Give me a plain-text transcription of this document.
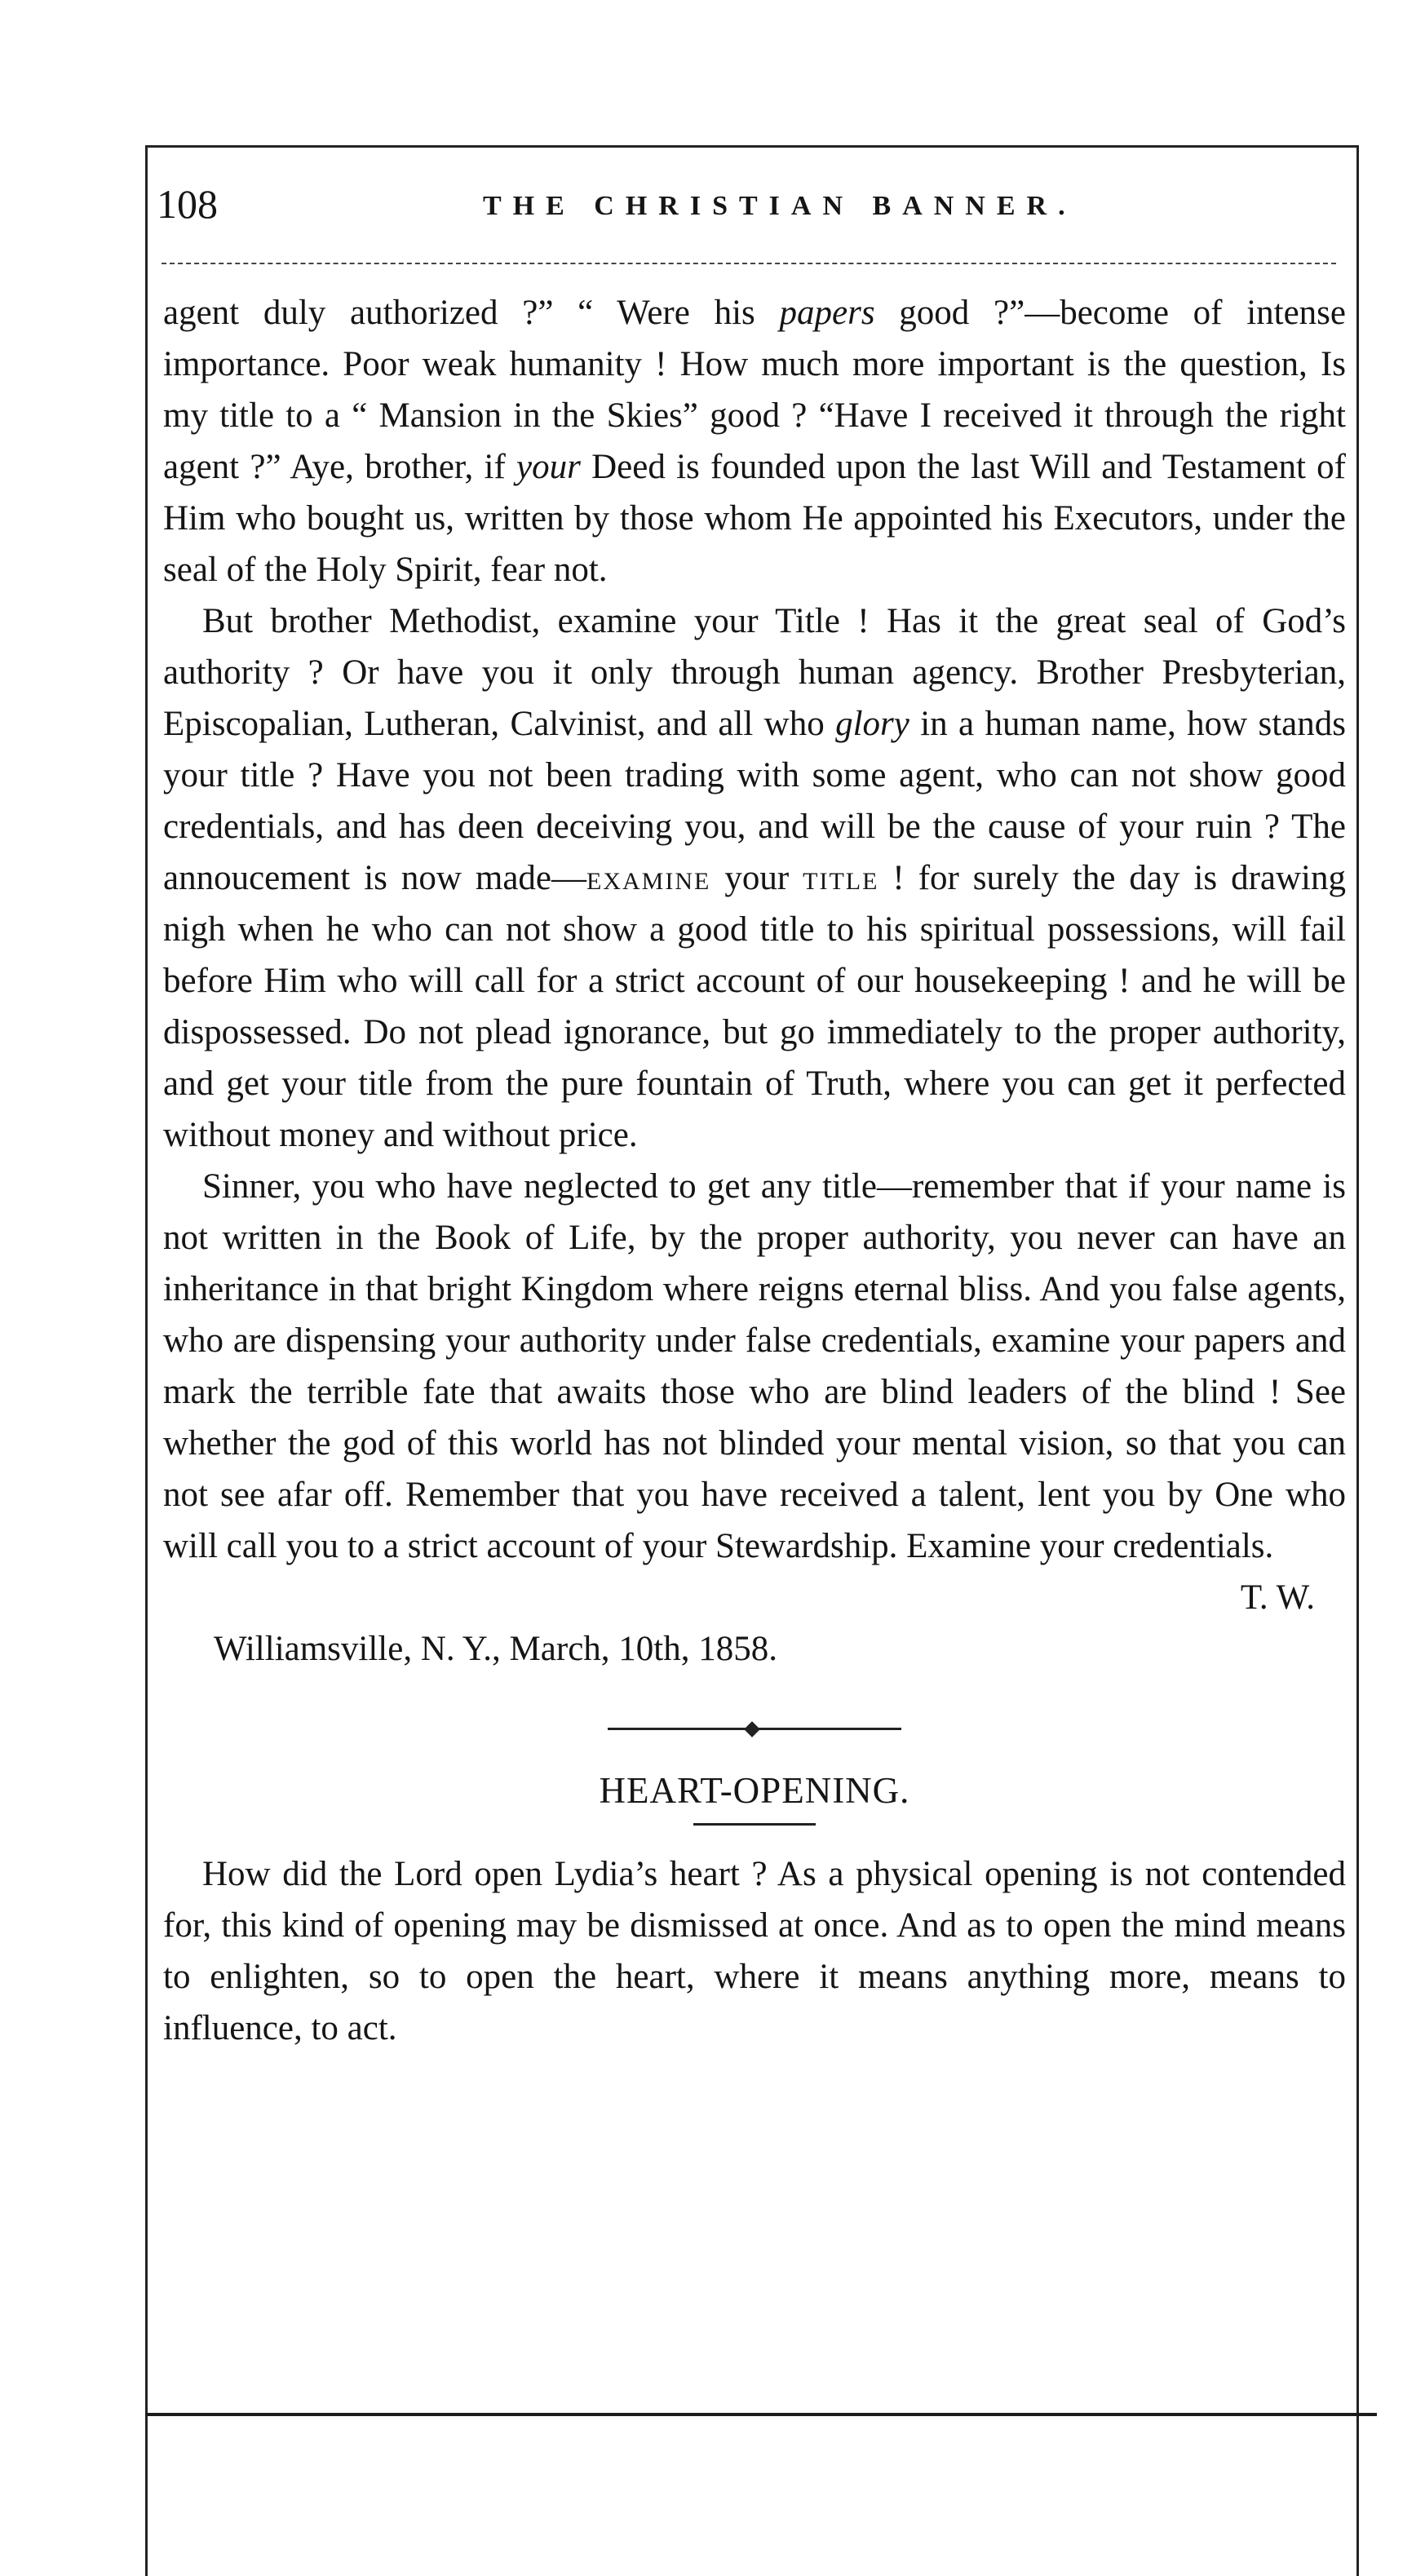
108	THE CHRISTIAN BANNER.

agent duly authorized ?” “ Were his papers good ?”—become of intense importance. Poor weak humanity ! How much more important is the question, Is my title to a “ Mansion in the Skies” good ? “Have I received it through the right agent ?” Aye, brother, if your Deed is founded upon the last Will and Testament of Him who bought us, written by those whom He appointed his Executors, under the seal of the Holy Spirit, fear not.

But brother Methodist, examine your Title ! Has it the great seal of God’s authority ? Or have you it only through human agency. Brother Presbyterian, Episcopalian, Lutheran, Calvinist, and all who glory in a human name, how stands your title ? Have you not been trading with some agent, who can not show good credentials, and has deen deceiving you, and will be the cause of your ruin ? The annoucement is now made—examine your title ! for surely the day is drawing nigh when he who can not show a good title to his spiritual possessions, will fail before Him who will call for a strict account of our housekeeping ! and he will be dispossessed. Do not plead ignorance, but go immediately to the proper authority, and get your title from the pure fountain of Truth, where you can get it perfected without money and without price.

Sinner, you who have neglected to get any title—remember that if your name is not written in the Book of Life, by the proper authority, you never can have an inheritance in that bright Kingdom where reigns eternal bliss. And you false agents, who are dispensing your authority under false credentials, examine your papers and mark the terrible fate that awaits those who are blind leaders of the blind ! See whether the god of this world has not blinded your mental vision, so that you can not see afar off. Remember that you have received a talent, lent you by One who will call you to a strict account of your Stewardship. Examine your credentials.

T. W.
Williamsville, N. Y., March, 10th, 1858.
HEART-OPENING.

How did the Lord open Lydia’s heart ? As a physical opening is not contended for, this kind of opening may be dismissed at once. And as to open the mind means to enlighten, so to open the heart, where it means anything more, means to influence, to act.
